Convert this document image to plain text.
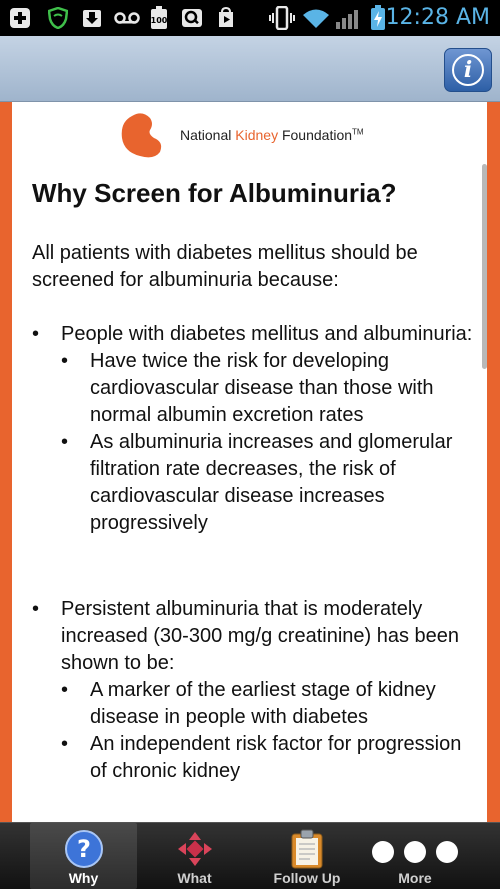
100	12:28 AM
i
National Kidney Foundation™
Why Screen for Albuminuria?

All patients with diabetes mellitus should be screened for albuminuria because:

• People with diabetes mellitus and albuminuria:
• Have twice the risk for developing cardiovascular disease than those with normal albumin excretion rates
• As albuminuria increases and glomerular filtration rate decreases, the risk of cardiovascular disease increases progressively
• Persistent albuminuria that is moderately increased (30-300 mg/g creatinine) has been shown to be:
• A marker of the earliest stage of kidney disease in people with diabetes
• An independent risk factor for progression of chronic kidney
?
Why	What	Follow Up	More
